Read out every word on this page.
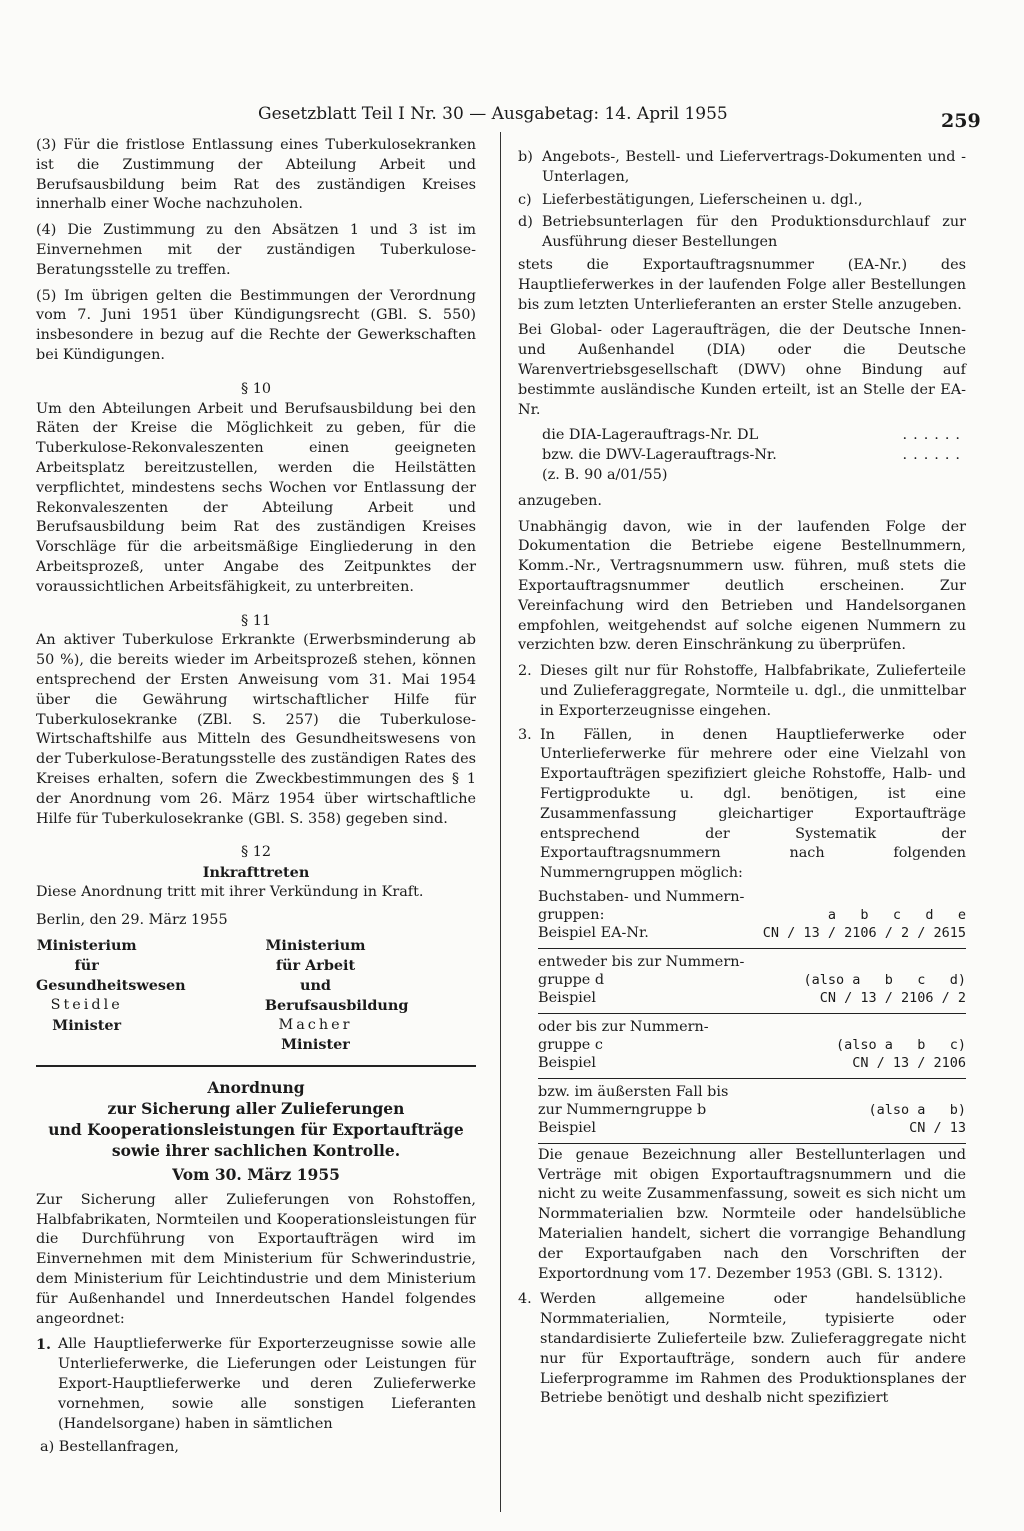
Gesetzblatt Teil I Nr. 30 — Ausgabetag: 14. April 1955	259

(3) Für die fristlose Entlassung eines Tuberkulosekranken ist die Zustimmung der Abteilung Arbeit und Berufsausbildung beim Rat des zuständigen Kreises innerhalb einer Woche nachzuholen.

(4) Die Zustimmung zu den Absätzen 1 und 3 ist im Einvernehmen mit der zuständigen Tuberkulose-Beratungsstelle zu treffen.

(5) Im übrigen gelten die Bestimmungen der Verordnung vom 7. Juni 1951 über Kündigungsrecht (GBl. S. 550) insbesondere in bezug auf die Rechte der Gewerkschaften bei Kündigungen.

§ 10

Um den Abteilungen Arbeit und Berufsausbildung bei den Räten der Kreise die Möglichkeit zu geben, für die Tuberkulose-Rekonvaleszenten einen geeigneten Arbeitsplatz bereitzustellen, werden die Heilstätten verpflichtet, mindestens sechs Wochen vor Entlassung der Rekonvaleszenten der Abteilung Arbeit und Berufsausbildung beim Rat des zuständigen Kreises Vorschläge für die arbeitsmäßige Eingliederung in den Arbeitsprozeß, unter Angabe des Zeitpunktes der voraussichtlichen Arbeitsfähigkeit, zu unterbreiten.

§ 11

An aktiver Tuberkulose Erkrankte (Erwerbsminderung ab 50 %), die bereits wieder im Arbeitsprozeß stehen, können entsprechend der Ersten Anweisung vom 31. Mai 1954 über die Gewährung wirtschaftlicher Hilfe für Tuberkulosekranke (ZBl. S. 257) die Tuberkulose-Wirtschaftshilfe aus Mitteln des Gesundheitswesens von der Tuberkulose-Beratungsstelle des zuständigen Rates des Kreises erhalten, sofern die Zweckbestimmungen des § 1 der Anordnung vom 26. März 1954 über wirtschaftliche Hilfe für Tuberkulosekranke (GBl. S. 358) gegeben sind.

§ 12
Inkrafttreten

Diese Anordnung tritt mit ihrer Verkündung in Kraft.

Berlin, den 29. März 1955

Ministerium
für Gesundheitswesen
Steidle
Minister
Ministerium für Arbeit
und Berufsausbildung
Macher
Minister
Anordnung
zur Sicherung aller Zulieferungen
und Kooperationsleistungen für Exportaufträge
sowie ihrer sachlichen Kontrolle.
Vom 30. März 1955

Zur Sicherung aller Zulieferungen von Rohstoffen, Halbfabrikaten, Normteilen und Kooperationsleistungen für die Durchführung von Exportaufträgen wird im Einvernehmen mit dem Ministerium für Schwerindustrie, dem Ministerium für Leichtindustrie und dem Ministerium für Außenhandel und Innerdeutschen Handel folgendes angeordnet:

1. Alle Hauptlieferwerke für Exporterzeugnisse sowie alle Unterlieferwerke, die Lieferungen oder Leistungen für Export-Hauptlieferwerke und deren Zulieferwerke vornehmen, sowie alle sonstigen Lieferanten (Handelsorgane) haben in sämtlichen
a) Bestellanfragen,
b) Angebots-, Bestell- und Liefervertrags-Dokumenten und -Unterlagen,
c) Lieferbestätigungen, Lieferscheinen u. dgl.,
d) Betriebsunterlagen für den Produktionsdurchlauf zur Ausführung dieser Bestellungen

stets die Exportauftragsnummer (EA-Nr.) des Hauptlieferwerkes in der laufenden Folge aller Bestellungen bis zum letzten Unterlieferanten an erster Stelle anzugeben.

Bei Global- oder Lageraufträgen, die der Deutsche Innen- und Außenhandel (DIA) oder die Deutsche Warenvertriebsgesellschaft (DWV) ohne Bindung auf bestimmte ausländische Kunden erteilt, ist an Stelle der EA-Nr.

die DIA-Lagerauftrags-Nr. DL	......
bzw. die DWV-Lagerauftrags-Nr.	......
(z. B. 90 a/01/55)

anzugeben.

Unabhängig davon, wie in der laufenden Folge der Dokumentation die Betriebe eigene Bestellnummern, Komm.-Nr., Vertragsnummern usw. führen, muß stets die Exportauftragsnummer deutlich erscheinen. Zur Vereinfachung wird den Betrieben und Handelsorganen empfohlen, weitgehendst auf solche eigenen Nummern zu verzichten bzw. deren Einschränkung zu überprüfen.

2. Dieses gilt nur für Rohstoffe, Halbfabrikate, Zulieferteile und Zulieferaggregate, Normteile u. dgl., die unmittelbar in Exporterzeugnisse eingehen.
3. In Fällen, in denen Hauptlieferwerke oder Unterlieferwerke für mehrere oder eine Vielzahl von Exportaufträgen spezifiziert gleiche Rohstoffe, Halb- und Fertigprodukte u. dgl. benötigen, ist eine Zusammenfassung gleichartiger Exportaufträge entsprechend der Systematik der Exportauftragsnummern nach folgenden Nummerngruppen möglich:
Buchstaben- und Nummern-
gruppen:	a   b   c   d   e
Beispiel EA-Nr.	CN / 13 / 2106 / 2 / 2615
entweder bis zur Nummern-
gruppe d	(also a   b   c   d)
Beispiel	CN / 13 / 2106 / 2
oder bis zur Nummern-
gruppe c	(also a   b   c)
Beispiel	CN / 13 / 2106
bzw. im äußersten Fall bis
zur Nummerngruppe b	(also a   b)
Beispiel	CN / 13

Die genaue Bezeichnung aller Bestellunterlagen und Verträge mit obigen Exportauftragsnummern und die nicht zu weite Zusammenfassung, soweit es sich nicht um Normmaterialien bzw. Normteile oder handelsübliche Materialien handelt, sichert die vorrangige Behandlung der Exportaufgaben nach den Vorschriften der Exportordnung vom 17. Dezember 1953 (GBl. S. 1312).

4. Werden allgemeine oder handelsübliche Normmaterialien, Normteile, typisierte oder standardisierte Zulieferteile bzw. Zulieferaggregate nicht nur für Exportaufträge, sondern auch für andere Lieferprogramme im Rahmen des Produktionsplanes der Betriebe benötigt und deshalb nicht spezifiziert
